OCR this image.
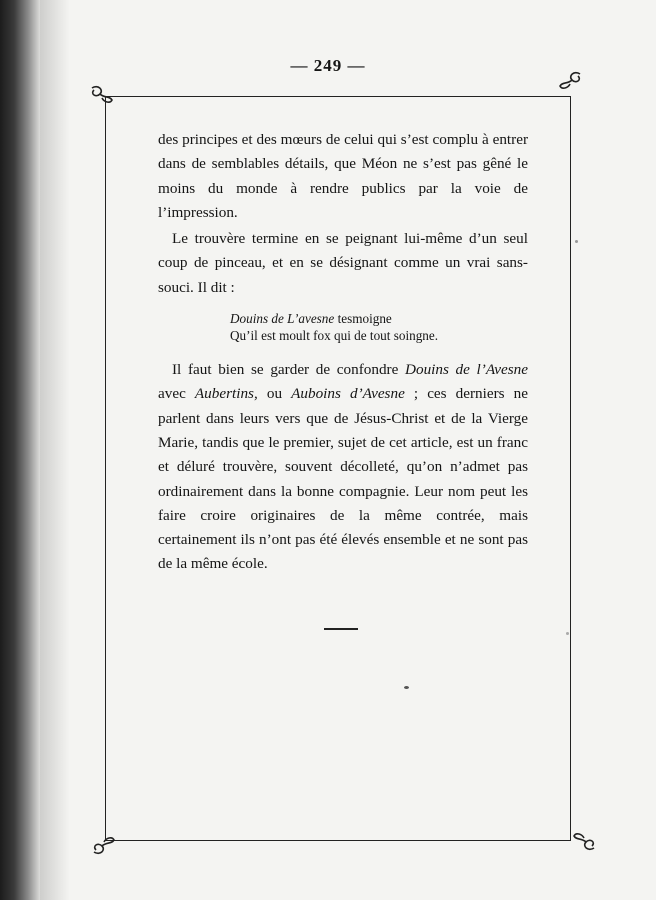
— 249 —

des principes et des mœurs de celui qui s’est complu à entrer dans de semblables détails, que Méon ne s’est pas gêné le moins du monde à rendre publics par la voie de l’impression.

Le trouvère termine en se peignant lui-même d’un seul coup de pinceau, et en se désignant comme un vrai sans-souci. Il dit :

Douins de L’avesne tesmoigne
Qu’il est moult fox qui de tout soingne.

Il faut bien se garder de confondre Douins de l’Avesne avec Aubertins, ou Auboins d’Avesne ; ces derniers ne parlent dans leurs vers que de Jésus-Christ et de la Vierge Marie, tandis que le premier, sujet de cet article, est un franc et déluré trouvère, souvent décolleté, qu’on n’admet pas ordinairement dans la bonne compagnie. Leur nom peut les faire croire originaires de la même contrée, mais certainement ils n’ont pas été élevés ensemble et ne sont pas de la même école.
